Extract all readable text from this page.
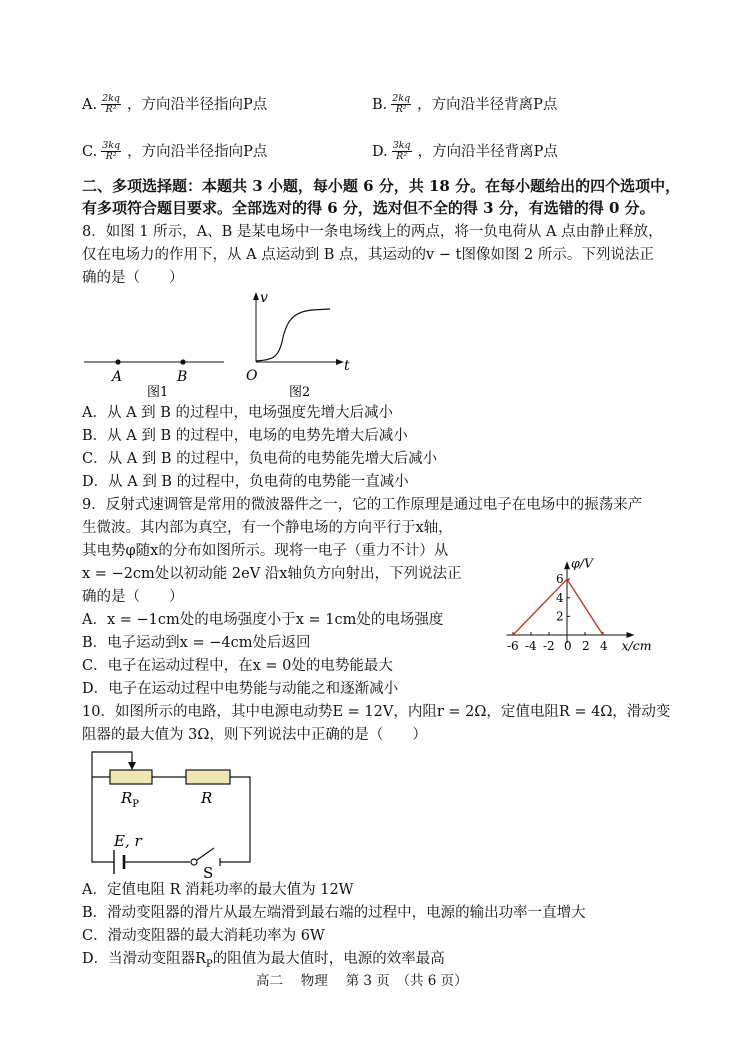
A. $\frac{2kq}{\text{R²}}$ ，方向沿半径指向P点	B. $\frac{2kq}{\text{R²}}$ ，方向沿半径背离P点
C. $\frac{3kq}{\text{R²}}$ ，方向沿半径指向P点	D. $\frac{3kq}{\text{R²}}$ ，方向沿半径背离P点
二、多项选择题：本题共 3 小题，每小题 6 分，共 18 分。在每小题给出的四个选项中，
有多项符合题目要求。全部选对的得 6 分，选对但不全的得 3 分，有选错的得 0 分。
8．如图 1 所示，A、B 是某电场中一条电场线上的两点，将一负电荷从 A 点由静止释放，
仅在电场力的作用下，从 A 点运动到 B 点，其运动的v − t图像如图 2 所示。下列说法正
确的是（　　）
A	B
图1
v
t
O
图2
A．从 A 到 B 的过程中，电场强度先增大后减小
B．从 A 到 B 的过程中，电场的电势先增大后减小
C．从 A 到 B 的过程中，负电荷的电势能先增大后减小
D．从 A 到 B 的过程中，负电荷的电势能一直减小
9．反射式速调管是常用的微波器件之一，它的工作原理是通过电子在电场中的振荡来产
生微波。其内部为真空，有一个静电场的方向平行于x轴，
其电势φ随x的分布如图所示。现将一电子（重力不计）从
x = −2cm处以初动能 2eV 沿x轴负方向射出，下列说法正
确的是（　　）
A．x = −1cm处的电场强度小于x = 1cm处的电场强度
B．电子运动到x = −4cm处后返回
C．电子在运动过程中，在x = 0处的电势能最大
D．电子在运动过程中电势能与动能之和逐渐减小
-6 -4 -2 0 2 4
2
4
6
φ/V
x/cm
10．如图所示的电路，其中电源电动势E = 12V，内阻r = 2Ω，定值电阻R = 4Ω，滑动变
阻器的最大值为 3Ω，则下列说法中正确的是（　　）
$R_P$	R
E, r
S
A．定值电阻 R 消耗功率的最大值为 12W
B．滑动变阻器的滑片从最左端滑到最右端的过程中，电源的输出功率一直增大
C．滑动变阻器的最大消耗功率为 6W
D．当滑动变阻器$R_P$的阻值为最大值时，电源的效率最高
高二　 物理　 第 3 页　（共 6 页）
